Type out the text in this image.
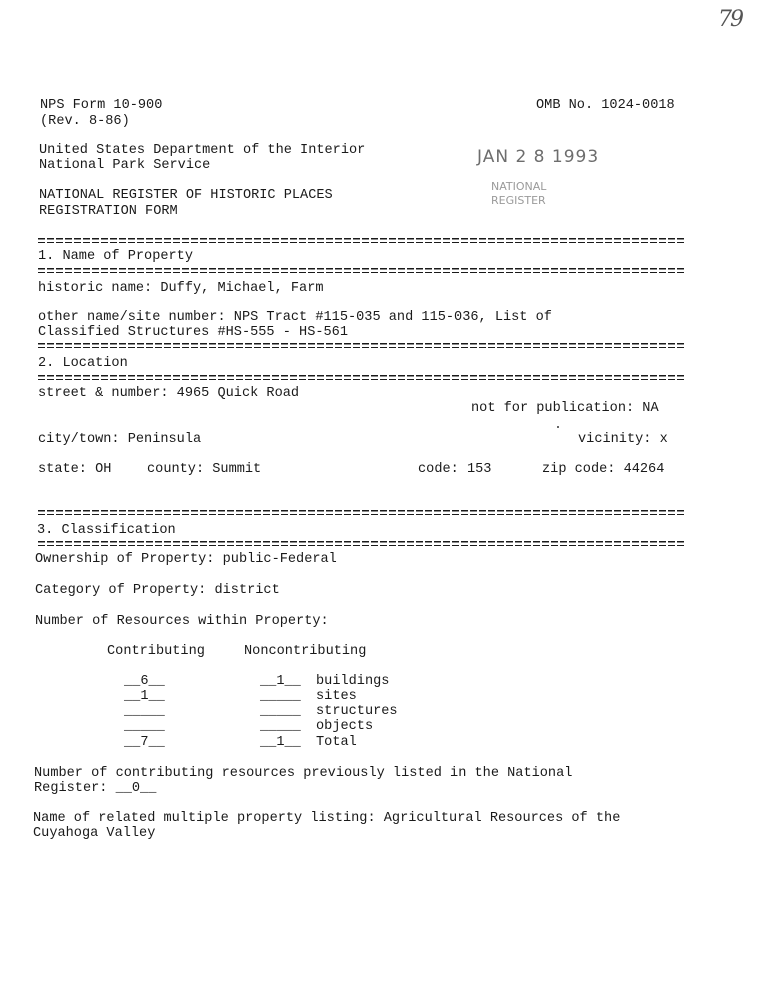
79
NPS Form 10-900
(Rev. 8-86)
OMB No. 1024-0018
United States Department of the Interior
National Park Service
NATIONAL REGISTER OF HISTORIC PLACES
REGISTRATION FORM
JAN 2 8 1993
NATIONAL
REGISTER
1. Name of Property
historic name: Duffy, Michael, Farm
other name/site number: NPS Tract #115-035 and 115-036, List of
Classified Structures #HS-555 - HS-561
2. Location
street & number: 4965 Quick Road
not for publication: NA
city/town: Peninsula	vicinity: x
state: OH	county: Summit	code: 153	zip code: 44264
3. Classification
Ownership of Property: public-Federal
Category of Property: district
Number of Resources within Property:
Contributing	Noncontributing
__6__	__1__ buildings
__1__	_____ sites
_____	_____ structures
_____	_____ objects
__7__	__1__ Total
Number of contributing resources previously listed in the National
Register: __0__
Name of related multiple property listing: Agricultural Resources of the
Cuyahoga Valley
